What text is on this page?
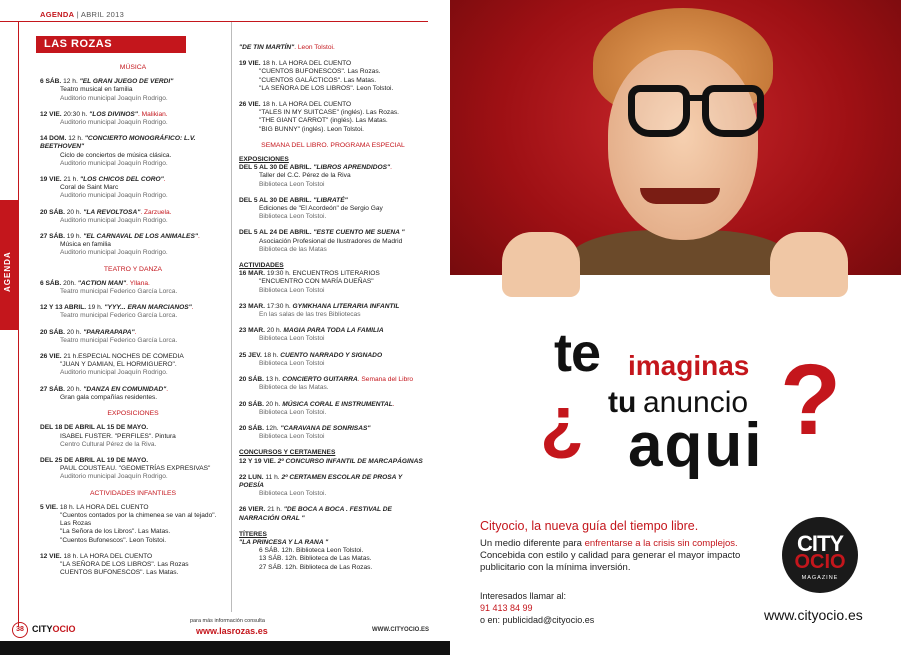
AGENDA | ABRIL 2013
AGENDA
LAS ROZAS
MÚSICA
6 SÁB. 12 h. "EL GRAN JUEGO DE VERDI"
Teatro musical en familia
Auditorio municipal Joaquín Rodrigo.
12 VIE. 20:30 h. "LOS DIVINOS". Malikian.
Auditorio municipal Joaquín Rodrigo.
14 DOM. 12 h. "CONCIERTO MONOGRÁFICO: L.V. BEETHOVEN"
Ciclo de conciertos de música clásica.
Auditorio municipal Joaquín Rodrigo.
19 VIE. 21 h. "LOS CHICOS DEL CORO".
Coral de Saint Marc
Auditorio municipal Joaquín Rodrigo.
20 SÁB. 20 h. "LA REVOLTOSA". Zarzuela.
Auditorio municipal Joaquín Rodrigo.
27 SÁB. 19 h. "EL CARNAVAL DE LOS ANIMALES".
Música en familia
Auditorio municipal Joaquín Rodrigo.
TEATRO Y DANZA
6 SÁB. 20h. "ACTION MAN". Yllana.
Teatro municipal Federico García Lorca.
12 Y 13 ABRIL. 19 h. "YYY... ERAN MARCIANOS".
Teatro municipal Federico García Lorca.
20 SÁB. 20 h. "PARARAPAPA".
Teatro municipal Federico García Lorca.
26 VIE. 21 h.ESPECIAL NOCHES DE COMEDIA
"JUAN Y DAMIAN, EL HORMIGUERO".
Auditorio municipal Joaquín Rodrigo.
27 SÁB. 20 h. "DANZA EN COMUNIDAD".
Gran gala compañías residentes.
EXPOSICIONES
DEL 18 DE ABRIL AL 15 DE MAYO.
ISABEL FUSTER. "PERFILES". Pintura
Centro Cultural Pérez de la Riva.
DEL 25 DE ABRIL AL 19 DE MAYO.
PAUL COUSTEAU. "GEOMETRÍAS EXPRESIVAS"
Auditorio municipal Joaquín Rodrigo.
ACTIVIDADES INFANTILES
5 VIE. 18 h. LA HORA DEL CUENTO
"Cuentos contados por la chimenea se van al tejado". Las Rozas
"La Señora de los Libros". Las Matas.
"Cuentos Bufonescos". Leon Tolstoi.
12 VIE. 18 h. LA HORA DEL CUENTO
"LA SEÑORA DE LOS LIBROS". Las Rozas
CUENTOS BUFONESCOS". Las Matas.
"DE TIN MARTÍN". Leon Tolstoi.
19 VIE. 18 h. LA HORA DEL CUENTO
"CUENTOS BUFONESCOS". Las Rozas.
"CUENTOS GALÁCTICOS". Las Matas.
"LA SEÑORA DE LOS LIBROS". Leon Tolstoi.
26 VIE. 18 h. LA HORA DEL CUENTO
"TALES IN MY SUITCASE" (inglés). Las Rozas.
"THE GIANT CARROT" (inglés). Las Matas.
"BIG BUNNY" (inglés). Leon Tolstoi.
SEMANA DEL LIBRO. PROGRAMA ESPECIAL
EXPOSICIONES
DEL 5 AL 30 DE ABRIL. "LIBROS APRENDIDOS".
Taller del C.C. Pérez de la Riva
Biblioteca Leon Tolstoi
DEL 5 AL 30 DE ABRIL. "LIBRATÉ"
Ediciones de "El Acordeón" de Sergio Gay
Biblioteca Leon Tolstoi.
DEL 5 AL 24 DE ABRIL. "ESTE CUENTO ME SUENA "
Asociación Profesional de Ilustradores de Madrid
Biblioteca de las Matas
ACTIVIDADES
16 MAR. 19:30 h. ENCUENTROS LITERARIOS
"ENCUENTRO CON MARÍA DUEÑAS"
Biblioteca Leon Tolstoi
23 MAR. 17:30 h. GYMKHANA LITERARIA INFANTIL
En las salas de las tres Bibliotecas
23 MAR. 20 h. MAGIA PARA TODA LA FAMILIA
Biblioteca Leon Tolstoi
25 JEV. 18 h. CUENTO NARRADO Y SIGNADO
Biblioteca Leon Tolstoi
20 SÁB. 13 h. CONCIERTO GUITARRA. Semana del Libro
Biblioteca de las Matas.
20 SÁB. 20 h. MÚSICA CORAL E INSTRUMENTAL.
Biblioteca Leon Tolstoi.
20 SÁB. 12h. "CARAVANA DE SONRISAS"
Biblioteca Leon Tolstoi
CONCURSOS Y CERTAMENES
12 Y 19 VIE. 2º CONCURSO INFANTIL DE MARCAPÁGINAS
22 LUN. 11 h. 2º CERTAMEN ESCOLAR DE PROSA Y POESÍA
Biblioteca Leon Tolstoi.
26 VIER. 21 h. "DE BOCA A BOCA . FESTIVAL DE NARRACIÓN ORAL "
TÍTERES
"LA PRINCESA Y LA RANA "
6 SÁB. 12h. Biblioteca Leon Tolstoi.
13 SÁB. 12h. Biblioteca de Las Matas.
27 SÁB. 12h. Biblioteca de Las Rozas.
38 CITYOCIO
para más información consulta
www.lasrozas.es	WWW.CITYOCIO.ES
te imaginas
¿ tu anuncio
aqui ?
Cityocio, la nueva guía del tiempo libre.
Un medio diferente para enfrentarse a la crisis sin complejos.
Concebida con estilo y calidad para generar el mayor impacto publicitario con la mínima inversión.
Interesados llamar al:
91 413 84 99
o en: publicidad@cityocio.es
CITY
OCIO
MAGAZINE
www.cityocio.es
